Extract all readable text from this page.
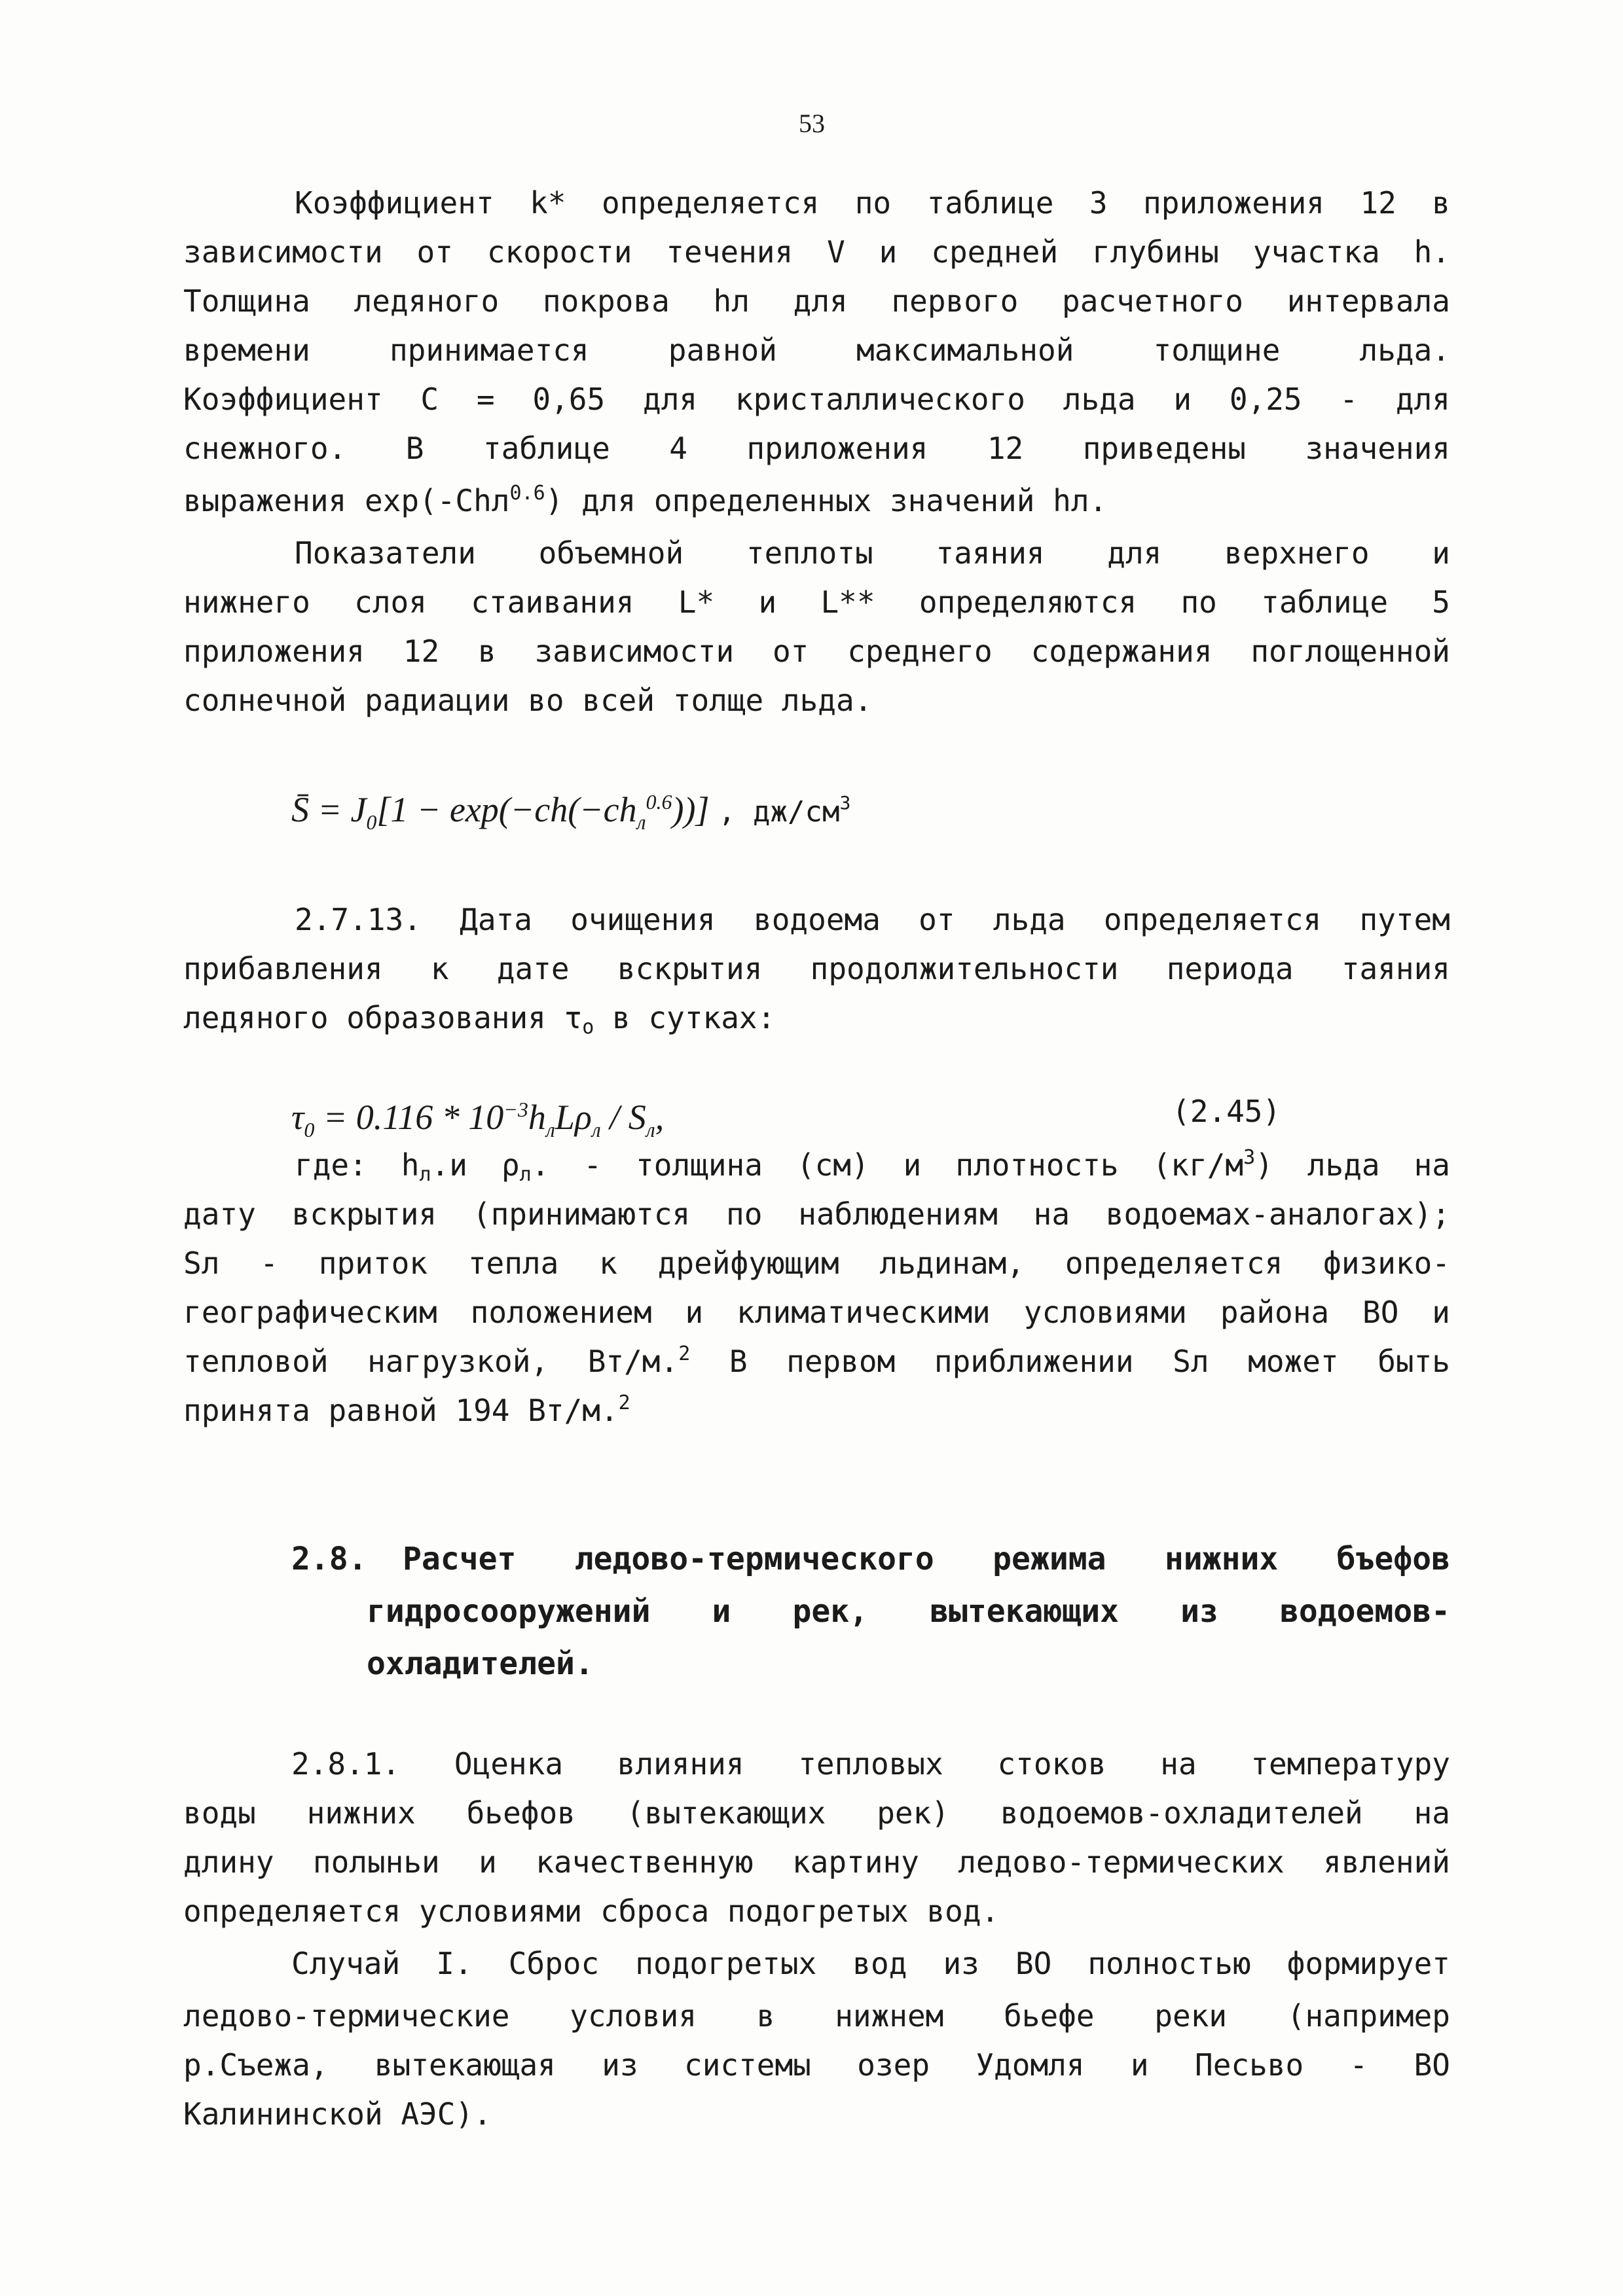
53
Коэффициент k* определяется по таблице 3 приложения 12 в
зависимости от скорости течения V и средней глубины участка h.
Толщина ледяного покрова hл для первого расчетного интервала
времени принимается равной максимальной толщине льда.
Коэффициент С = 0,65 для кристаллического льда и 0,25 - для
снежного. В таблице 4 приложения 12 приведены значения
выражения exp(-Chл$^{0.6}$) для определенных значений hл.
Показатели объемной теплоты таяния для верхнего и
нижнего слоя стаивания L* и L** определяются по таблице 5
приложения 12 в зависимости от среднего содержания поглощенной
солнечной радиации во всей толще льда.
S̄ = $J_0[1 - \exp(-ch(-ch_л^{0.6}))]$ , $дж/см^3$
2.7.13. Дата очищения водоема от льда определяется путем
прибавления к дате вскрытия продолжительности периода таяния
ледяного образования $\tau_о$ в сутках:
$\tau_0 = 0.116 * 10^{-3}h_лL\rho_л / S_л$,	(2.45)
где: $h_л.и$ $\rho_л$. - толщина (см) и плотность $(кг/м^3)$ льда на
дату вскрытия (принимаются по наблюдениям на водоемах-аналогах);
Sл - приток тепла к дрейфующим льдинам, определяется физико-
географическим положением и климатическими условиями района ВО и
тепловой нагрузкой, Вт/м.$^2$ В первом приближении Sл может быть
принята равной 194 Вт/м.$^2$
2.8. Расчет ледово-термического режима нижних бъефов
гидросооружений и рек, вытекающих из водоемов-
охладителей.
2.8.1. Оценка влияния тепловых стоков на температуру
воды нижних бьефов (вытекающих рек) водоемов-охладителей на
длину полыньи и качественную картину ледово-термических явлений
определяется условиями сброса подогретых вод.
Случай I. Сброс подогретых вод из ВО полностью формирует
ледово-термические условия в нижнем бьефе реки (например
р.Съежа, вытекающая из системы озер Удомля и Песьво - ВО
Калининской АЭС).
